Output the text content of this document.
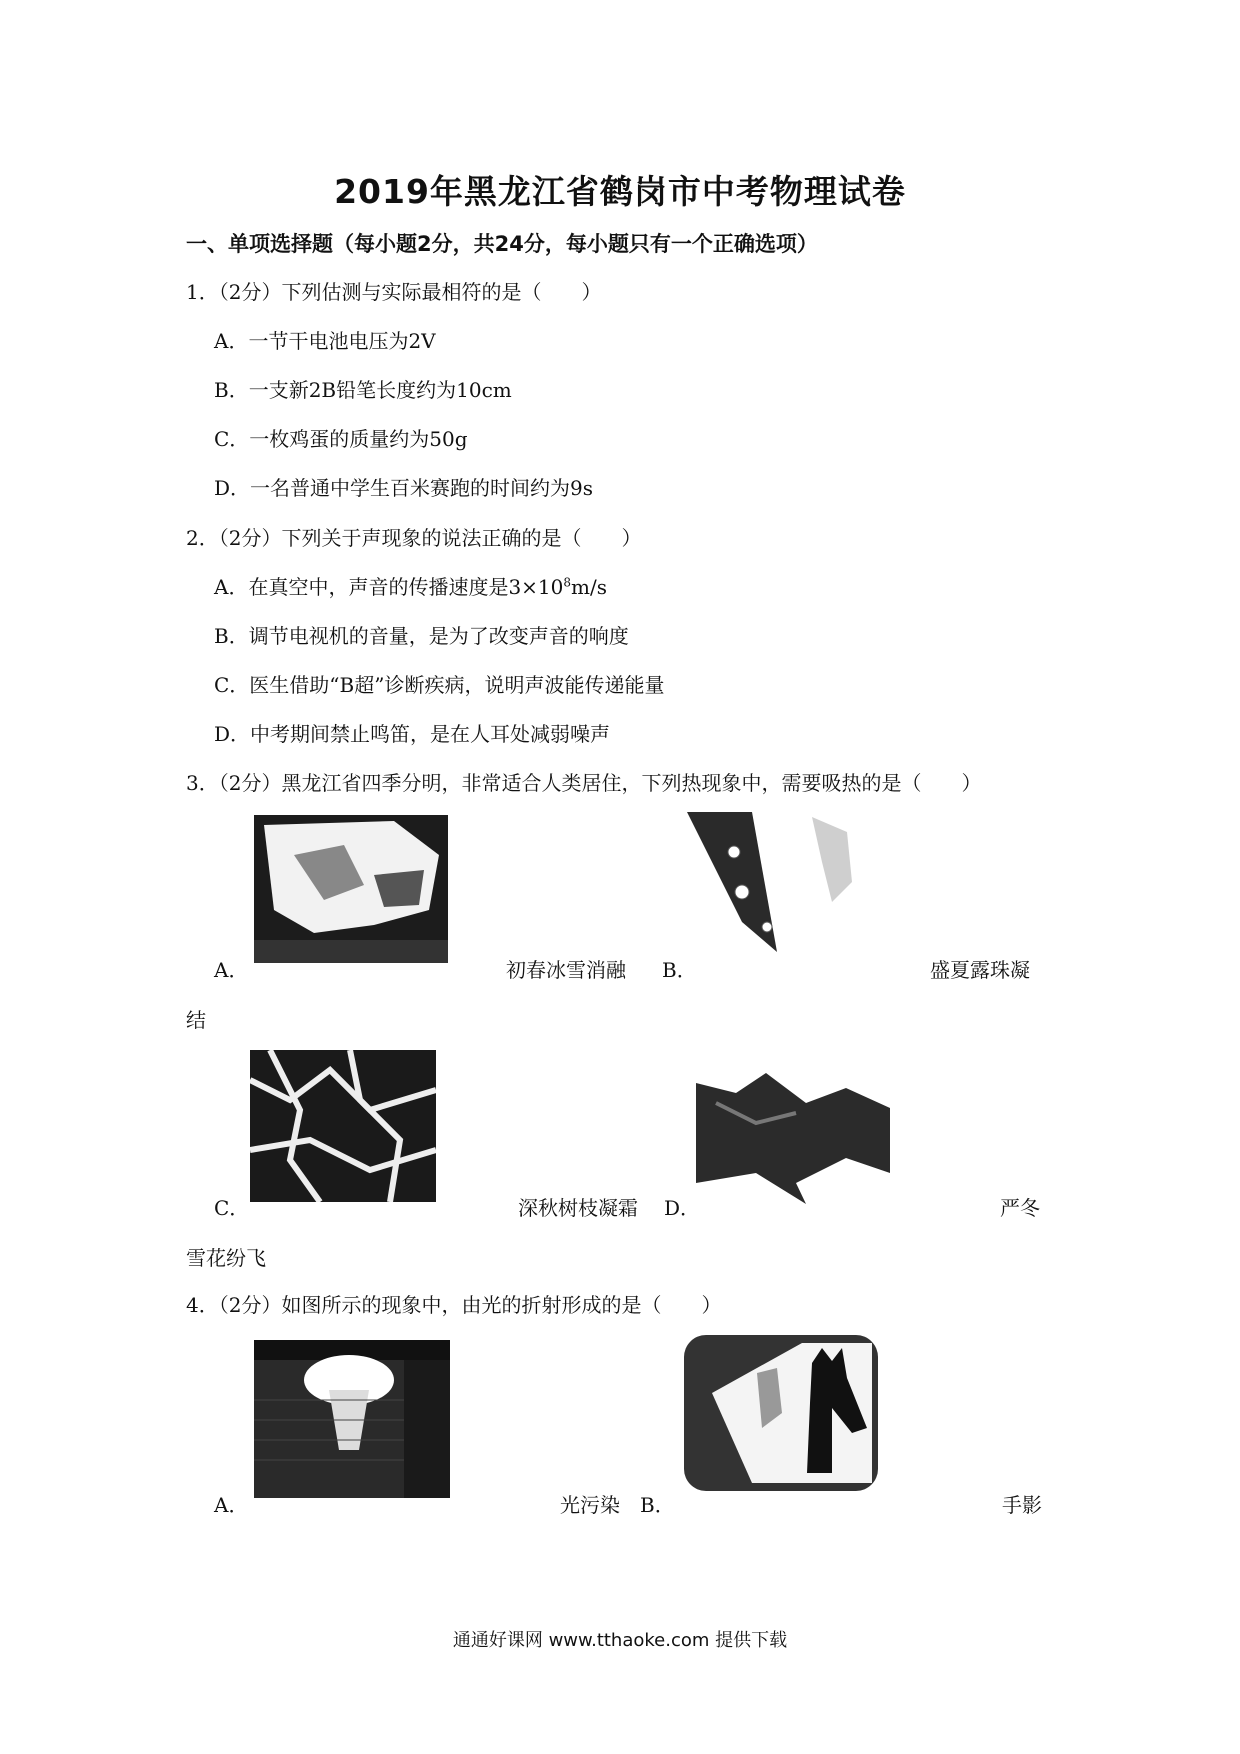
2019年黑龙江省鹤岗市中考物理试卷
一、单项选择题（每小题2分，共24分，每小题只有一个正确选项）
1．（2分）下列估测与实际最相符的是（　　）
A．一节干电池电压为2V
B．一支新2B铅笔长度约为10cm
C．一枚鸡蛋的质量约为50g
D．一名普通中学生百米赛跑的时间约为9s
2．（2分）下列关于声现象的说法正确的是（　　）
A．在真空中，声音的传播速度是$3\times 10^8m/s$
B．调节电视机的音量，是为了改变声音的响度
C．医生借助“B超”诊断疾病，说明声波能传递能量
D．中考期间禁止鸣笛，是在人耳处减弱噪声
3．（2分）黑龙江省四季分明，非常适合人类居住，下列热现象中，需要吸热的是（　　）
A．	初春冰雪消融 B．	盛夏露珠凝
结
C．	深秋树枝凝霜 D．	严冬
雪花纷飞
4．（2分）如图所示的现象中，由光的折射形成的是（　　）
A．	光污染 B．	手影
通通好课网 www.tthaoke.com 提供下载
